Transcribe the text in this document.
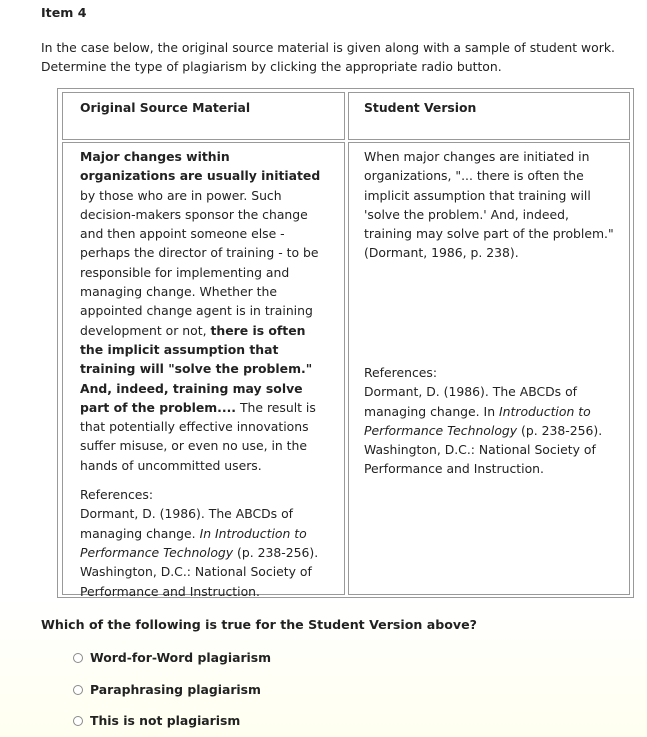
Item 4
In the case below, the original source material is given along with a sample of student work. Determine the type of plagiarism by clicking the appropriate radio button.
Original Source Material	Student Version

Major changes within organizations are usually initiated by those who are in power. Such decision-makers sponsor the change and then appoint someone else - perhaps the director of training - to be responsible for implementing and managing change. Whether the appointed change agent is in training development or not, there is often the implicit assumption that training will "solve the problem." And, indeed, training may solve part of the problem.... The result is that potentially effective innovations suffer misuse, or even no use, in the hands of uncommitted users.

References:
Dormant, D. (1986). The ABCDs of managing change. In Introduction to Performance Technology (p. 238-256). Washington, D.C.: National Society of Performance and Instruction.

When major changes are initiated in organizations, "... there is often the implicit assumption that training will 'solve the problem.' And, indeed, training may solve part of the problem." (Dormant, 1986, p. 238).

References:
Dormant, D. (1986). The ABCDs of managing change. In Introduction to Performance Technology (p. 238-256). Washington, D.C.: National Society of Performance and Instruction.
Which of the following is true for the Student Version above?
Word-for-Word plagiarism
Paraphrasing plagiarism
This is not plagiarism
